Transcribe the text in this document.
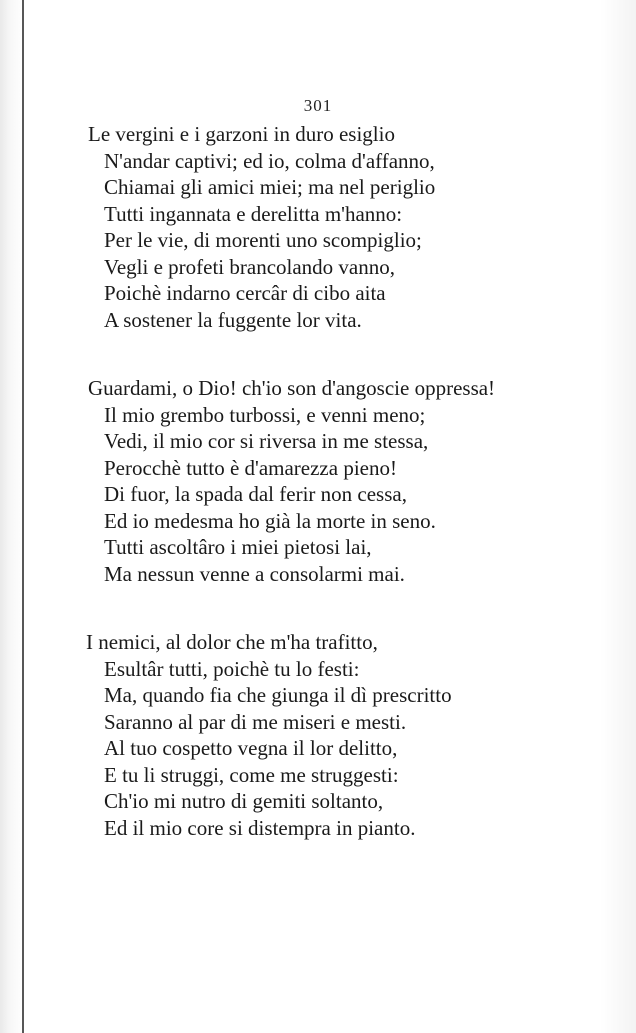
301
Le vergini e i garzoni in duro esiglio
N'andar captivi; ed io, colma d'affanno,
Chiamai gli amici miei; ma nel periglio
Tutti ingannata e derelitta m'hanno:
Per le vie, di morenti uno scompiglio;
Vegli e profeti brancolando vanno,
Poichè indarno cercâr di cibo aita
A sostener la fuggente lor vita.
Guardami, o Dio! ch'io son d'angoscie oppressa!
Il mio grembo turbossi, e venni meno;
Vedi, il mio cor si riversa in me stessa,
Perocchè tutto è d'amarezza pieno!
Di fuor, la spada dal ferir non cessa,
Ed io medesma ho già la morte in seno.
Tutti ascoltâro i miei pietosi lai,
Ma nessun venne a consolarmi mai.
I nemici, al dolor che m'ha trafitto,
Esultâr tutti, poichè tu lo festi:
Ma, quando fia che giunga il dì prescritto
Saranno al par di me miseri e mesti.
Al tuo cospetto vegna il lor delitto,
E tu li struggi, come me struggesti:
Ch'io mi nutro di gemiti soltanto,
Ed il mio core si distempra in pianto.
